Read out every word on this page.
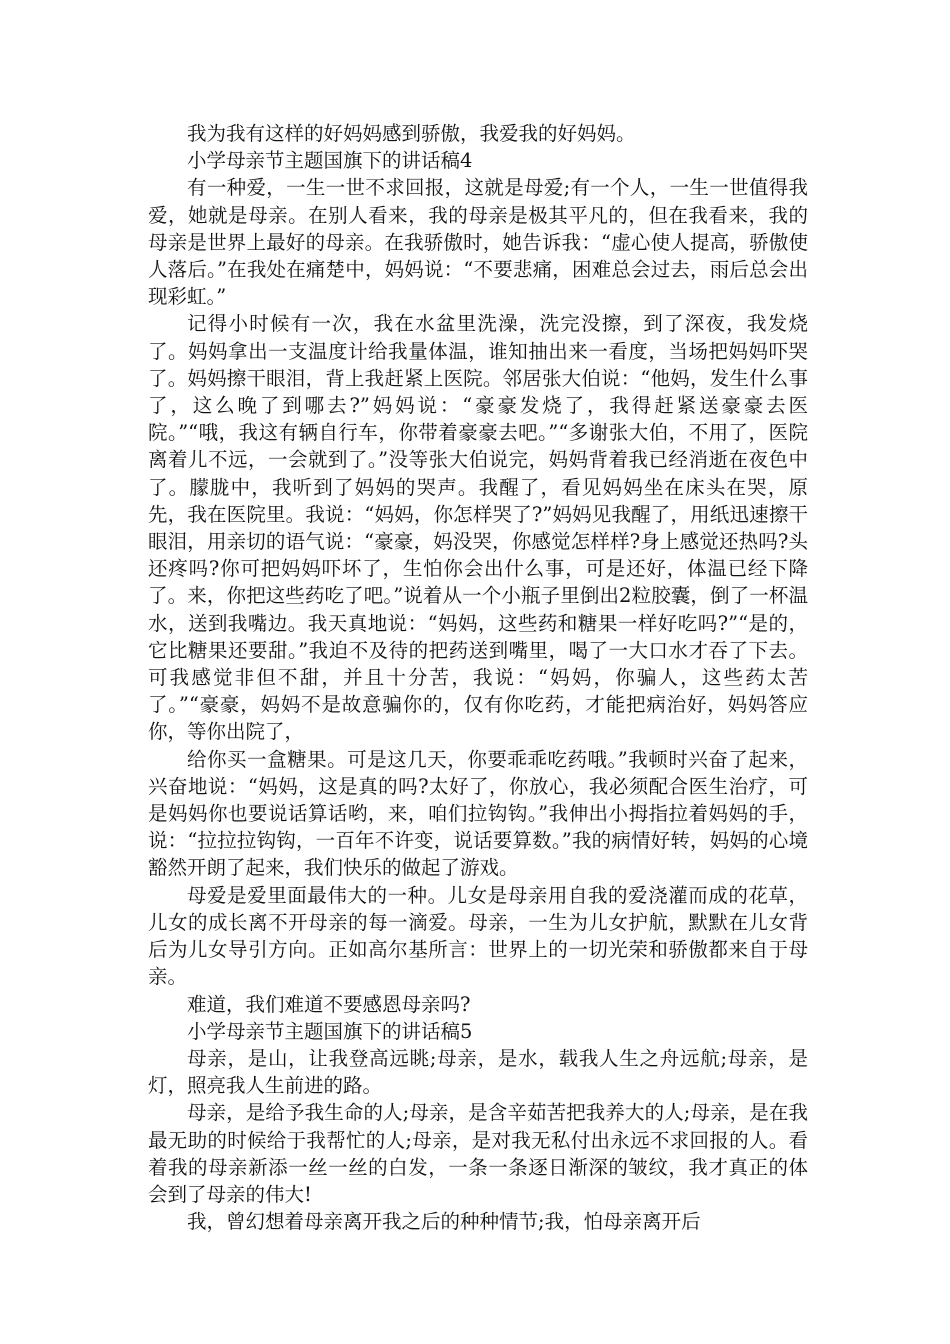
我为我有这样的好妈妈感到骄傲，我爱我的好妈妈。

小学母亲节主题国旗下的讲话稿4

有一种爱，一生一世不求回报，这就是母爱;有一个人，一生一世值得我爱，她就是母亲。在别人看来，我的母亲是极其平凡的，但在我看来，我的母亲是世界上最好的母亲。在我骄傲时，她告诉我：“虚心使人提高，骄傲使人落后。”在我处在痛楚中，妈妈说：“不要悲痛，困难总会过去，雨后总会出现彩虹。”

记得小时候有一次，我在水盆里洗澡，洗完没擦，到了深夜，我发烧了。妈妈拿出一支温度计给我量体温，谁知抽出来一看度，当场把妈妈吓哭了。妈妈擦干眼泪，背上我赶紧上医院。邻居张大伯说：“他妈，发生什么事了，这么晚了到哪去?”妈妈说：“豪豪发烧了，我得赶紧送豪豪去医院。”“哦，我这有辆自行车，你带着豪豪去吧。”“多谢张大伯，不用了，医院离着儿不远，一会就到了。”没等张大伯说完，妈妈背着我已经消逝在夜色中了。朦胧中，我听到了妈妈的哭声。我醒了，看见妈妈坐在床头在哭，原先，我在医院里。我说：“妈妈，你怎样哭了?”妈妈见我醒了，用纸迅速擦干眼泪，用亲切的语气说：“豪豪，妈没哭，你感觉怎样样?身上感觉还热吗?头还疼吗?你可把妈妈吓坏了，生怕你会出什么事，可是还好，体温已经下降了。来，你把这些药吃了吧。”说着从一个小瓶子里倒出2粒胶囊，倒了一杯温水，送到我嘴边。我天真地说：“妈妈，这些药和糖果一样好吃吗?”“是的，它比糖果还要甜。”我迫不及待的把药送到嘴里，喝了一大口水才吞了下去。可我感觉非但不甜，并且十分苦，我说：“妈妈，你骗人，这些药太苦了。”“豪豪，妈妈不是故意骗你的，仅有你吃药，才能把病治好，妈妈答应你，等你出院了，

给你买一盒糖果。可是这几天，你要乖乖吃药哦。”我顿时兴奋了起来，兴奋地说：“妈妈，这是真的吗?太好了，你放心，我必须配合医生治疗，可是妈妈你也要说话算话哟，来，咱们拉钩钩。”我伸出小拇指拉着妈妈的手，说：“拉拉拉钩钩，一百年不许变，说话要算数。”我的病情好转，妈妈的心境豁然开朗了起来，我们快乐的做起了游戏。

母爱是爱里面最伟大的一种。儿女是母亲用自我的爱浇灌而成的花草，儿女的成长离不开母亲的每一滴爱。母亲，一生为儿女护航，默默在儿女背后为儿女导引方向。正如高尔基所言：世界上的一切光荣和骄傲都来自于母亲。

难道，我们难道不要感恩母亲吗?

小学母亲节主题国旗下的讲话稿5

母亲，是山，让我登高远眺;母亲，是水，载我人生之舟远航;母亲，是灯，照亮我人生前进的路。

母亲，是给予我生命的人;母亲，是含辛茹苦把我养大的人;母亲，是在我最无助的时候给于我帮忙的人;母亲，是对我无私付出永远不求回报的人。看着我的母亲新添一丝一丝的白发，一条一条逐日渐深的皱纹，我才真正的体会到了母亲的伟大!

我，曾幻想着母亲离开我之后的种种情节;我，怕母亲离开后
